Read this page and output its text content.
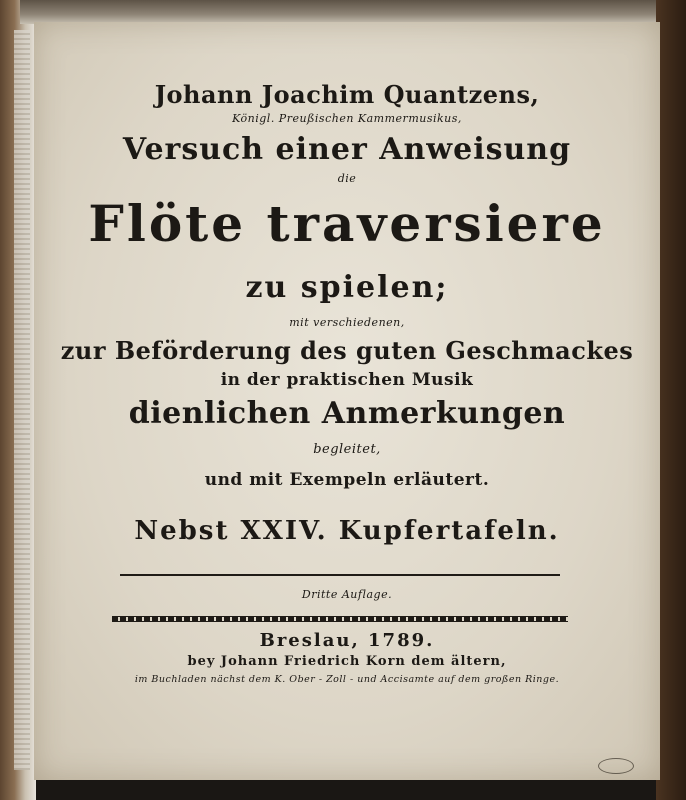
Johann Joachim Quantzens,
Königl. Preußischen Kammermusikus,
Versuch einer Anweisung
die
Flöte traversiere
zu spielen;
mit verschiedenen,
zur Beförderung des guten Geschmackes
in der praktischen Musik
dienlichen Anmerkungen
begleitet,
und mit Exempeln erläutert.
Nebst XXIV. Kupfertafeln.
Dritte Auflage.
Breslau, 1789.
bey Johann Friedrich Korn dem ältern,
im Buchladen nächst dem K. Ober - Zoll - und Accisamte auf dem großen Ringe.
